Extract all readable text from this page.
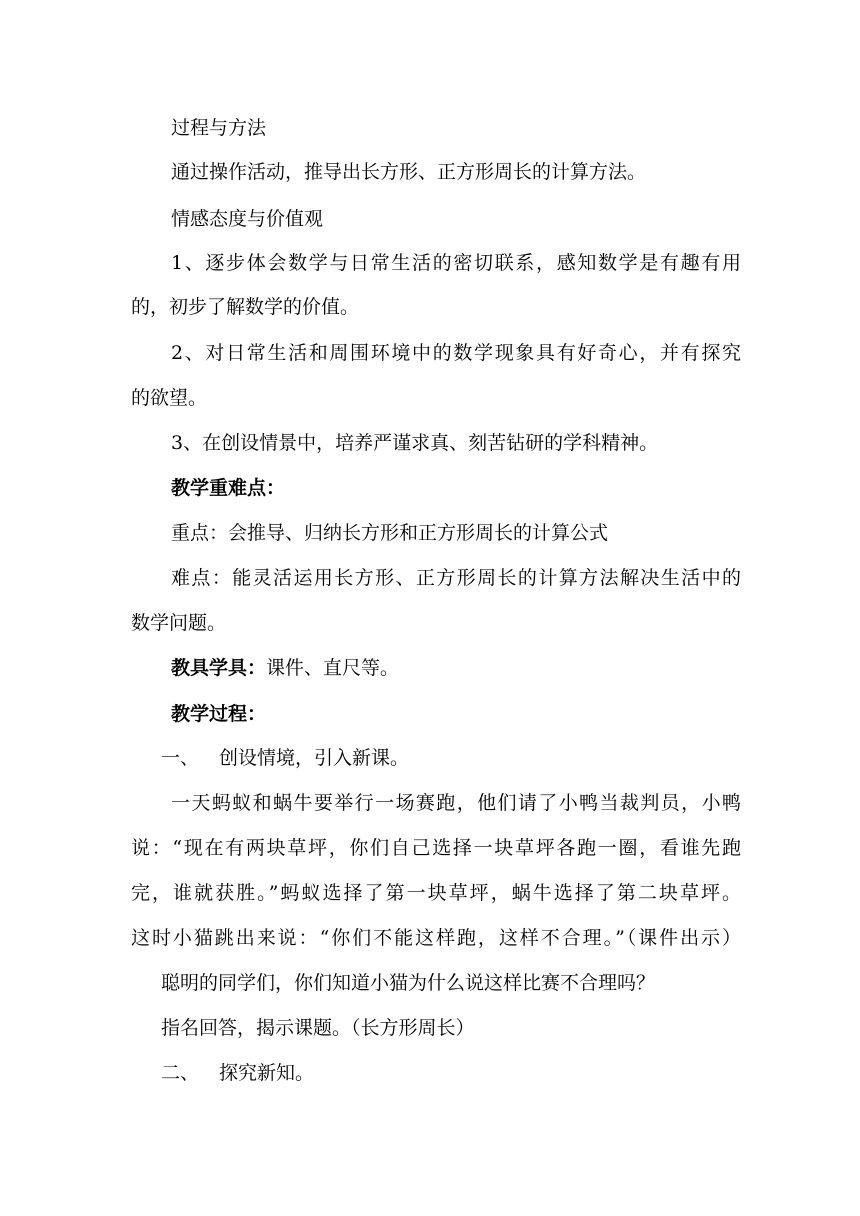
过程与方法
通过操作活动，推导出长方形、正方形周长的计算方法。
情感态度与价值观
1、逐步体会数学与日常生活的密切联系，感知数学是有趣有用
的，初步了解数学的价值。
2、对日常生活和周围环境中的数学现象具有好奇心，并有探究
的欲望。
3、在创设情景中，培养严谨求真、刻苦钻研的学科精神。
教学重难点：
重点：会推导、归纳长方形和正方形周长的计算公式
难点：能灵活运用长方形、正方形周长的计算方法解决生活中的
数学问题。
教具学具：课件、直尺等。
教学过程：
一、 创设情境，引入新课。
一天蚂蚁和蜗牛要举行一场赛跑，他们请了小鸭当裁判员，小鸭
说：“现在有两块草坪，你们自己选择一块草坪各跑一圈，看谁先跑
完，谁就获胜。”蚂蚁选择了第一块草坪，蜗牛选择了第二块草坪。
这时小猫跳出来说：“你们不能这样跑，这样不合理。”（课件出示）
聪明的同学们，你们知道小猫为什么说这样比赛不合理吗？
指名回答，揭示课题。（长方形周长）
二、 探究新知。
